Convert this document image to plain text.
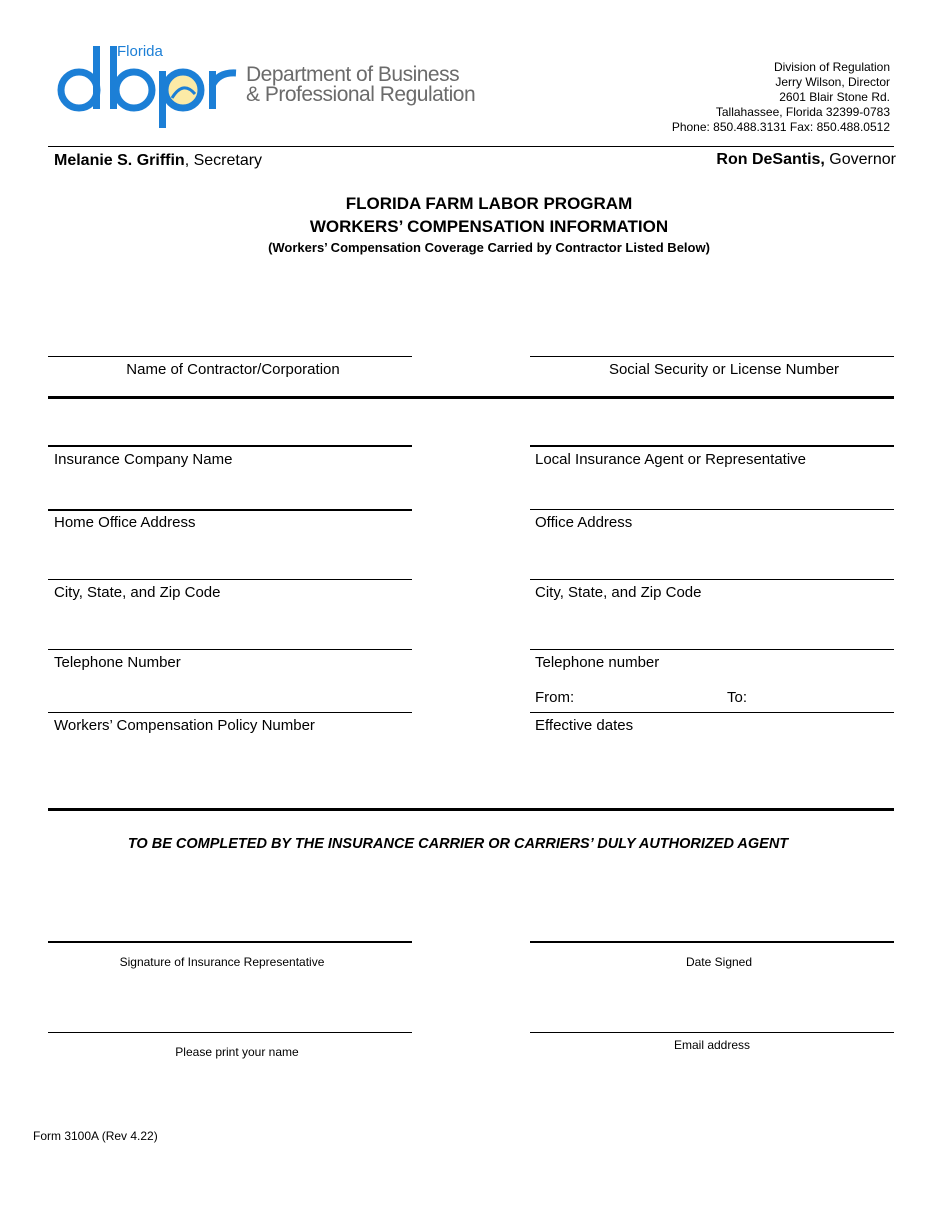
Florida
Department of Business
& Professional Regulation
Division of Regulation
Jerry Wilson, Director
2601 Blair Stone Rd.
Tallahassee, Florida 32399-0783
Phone: 850.488.3131 Fax: 850.488.0512
Melanie S. Griffin, Secretary	Ron DeSantis, Governor
FLORIDA FARM LABOR PROGRAM
WORKERS’ COMPENSATION INFORMATION
(Workers’ Compensation Coverage Carried by Contractor Listed Below)
Name of Contractor/Corporation	Social Security or License Number
Insurance Company Name	Local Insurance Agent or Representative
Home Office Address	Office Address
City, State, and Zip Code	City, State, and Zip Code
Telephone Number	Telephone number
From:	To:
Workers’ Compensation Policy Number	Effective dates
TO BE COMPLETED BY THE INSURANCE CARRIER OR CARRIERS’ DULY AUTHORIZED AGENT
Signature of Insurance Representative	Date Signed
Please print your name	Email address
Form 3100A (Rev 4.22)
